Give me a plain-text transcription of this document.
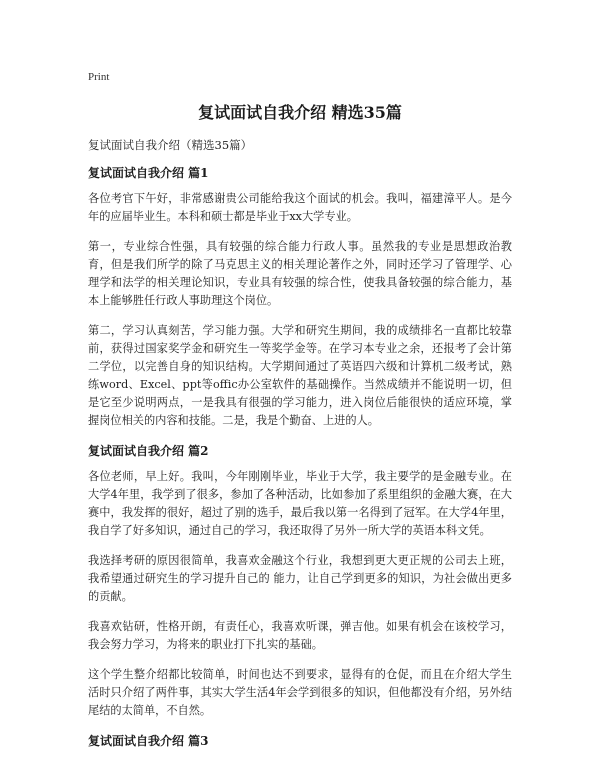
Print
复试面试自我介绍 精选35篇
复试面试自我介绍（精选35篇）
复试面试自我介绍 篇1

各位考官下午好，非常感谢贵公司能给我这个面试的机会。我叫，福建漳平人。是今年的应届毕业生。本科和硕士都是毕业于xx大学专业。

第一，专业综合性强，具有较强的综合能力行政人事。虽然我的专业是思想政治教育，但是我们所学的除了马克思主义的相关理论著作之外，同时还学习了管理学、心理学和法学的相关理论知识，专业具有较强的综合性，使我具备较强的综合能力，基本上能够胜任行政人事助理这个岗位。

第二，学习认真刻苦，学习能力强。大学和研究生期间，我的成绩排名一直都比较靠前，获得过国家奖学金和研究生一等奖学金等。在学习本专业之余，还报考了会计第二学位，以完善自身的知识结构。大学期间通过了英语四六级和计算机二级考试，熟练word、Excel、ppt等offic办公室软件的基础操作。当然成绩并不能说明一切，但是它至少说明两点，一是我具有很强的学习能力，进入岗位后能很快的适应环境，掌握岗位相关的内容和技能。二是，我是个勤奋、上进的人。

复试面试自我介绍 篇2

各位老师，早上好。我叫，今年刚刚毕业，毕业于大学，我主要学的是金融专业。在大学4年里，我学到了很多，参加了各种活动，比如参加了系里组织的金融大赛，在大赛中，我发挥的很好，超过了别的选手，最后我以第一名得到了冠军。在大学4年里，我自学了好多知识，通过自己的学习，我还取得了另外一所大学的英语本科文凭。

我选择考研的原因很简单，我喜欢金融这个行业，我想到更大更正规的公司去上班，我希望通过研究生的学习提升自己的 能力，让自己学到更多的知识，为社会做出更多的贡献。

我喜欢钻研，性格开朗，有责任心，我喜欢听课，弹吉他。如果有机会在该校学习，我会努力学习，为将来的职业打下扎实的基础。

这个学生整介绍都比较简单，时间也达不到要求，显得有的仓促，而且在介绍大学生活时只介绍了两件事，其实大学生活4年会学到很多的知识，但他都没有介绍，另外结尾结的太简单，不自然。

复试面试自我介绍 篇3
